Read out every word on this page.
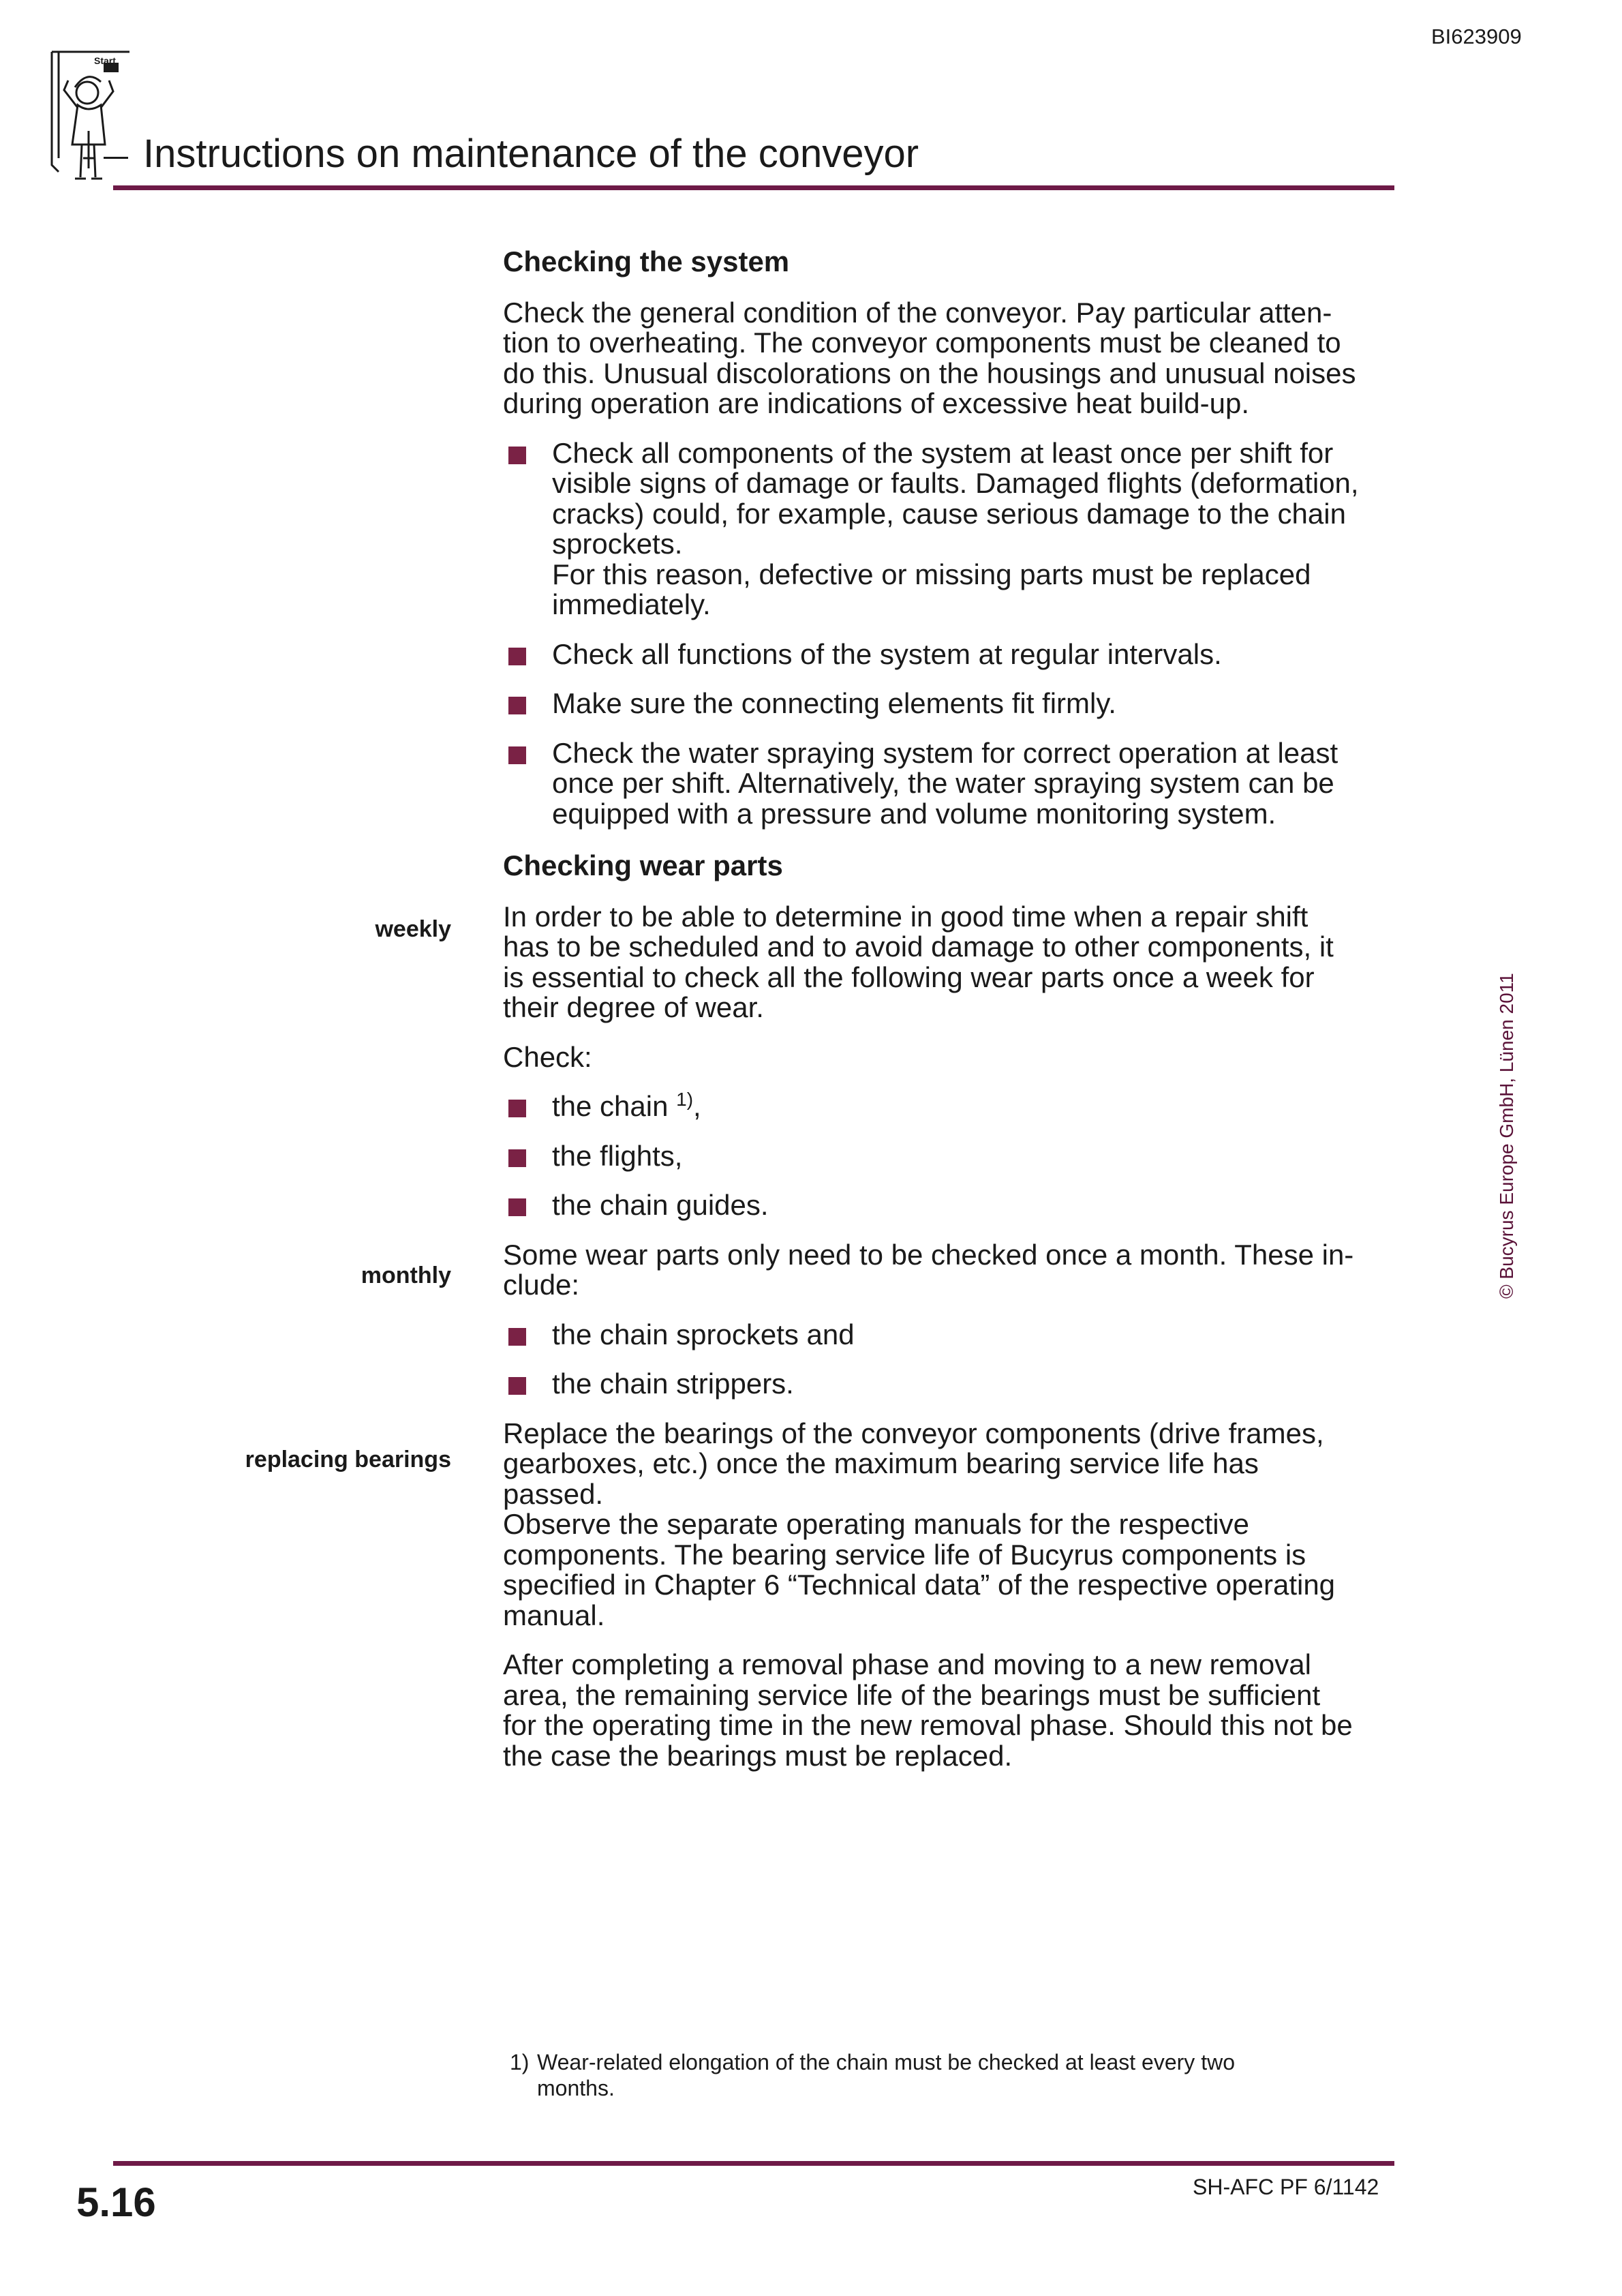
BI623909
Start
Instructions on maintenance of the conveyor
© Bucyrus Europe GmbH, Lünen 2011
weekly
monthly
replacing bearings
Checking the system
Check the general condition of the conveyor. Pay particular atten-
tion to overheating. The conveyor components must be cleaned to
do this. Unusual discolorations on the housings and unusual noises
during operation are indications of excessive heat build-up.
Check all components of the system at least once per shift for
visible signs of damage or faults. Damaged flights (deformation,
cracks) could, for example, cause serious damage to the chain
sprockets.
For this reason, defective or missing parts must be replaced
immediately.
Check all functions of the system at regular intervals.
Make sure the connecting elements fit firmly.
Check the water spraying system for correct operation at least
once per shift. Alternatively, the water spraying system can be
equipped with a pressure and volume monitoring system.
Checking wear parts
In order to be able to determine in good time when a repair shift
has to be scheduled and to avoid damage to other components, it
is essential to check all the following wear parts once a week for
their degree of wear.
Check:
the chain $^{1)}$,
the flights,
the chain guides.
Some wear parts only need to be checked once a month. These in-
clude:
the chain sprockets and
the chain strippers.
Replace the bearings of the conveyor components (drive frames,
gearboxes, etc.) once the maximum bearing service life has
passed.
Observe the separate operating manuals for the respective
components. The bearing service life of Bucyrus components is
specified in Chapter 6 “Technical data” of the respective operating
manual.
After completing a removal phase and moving to a new removal
area, the remaining service life of the bearings must be sufficient
for the operating time in the new removal phase. Should this not be
the case the bearings must be replaced.
1) Wear-related elongation of the chain must be checked at least every two
months.
5.16	SH-AFC PF 6/1142
